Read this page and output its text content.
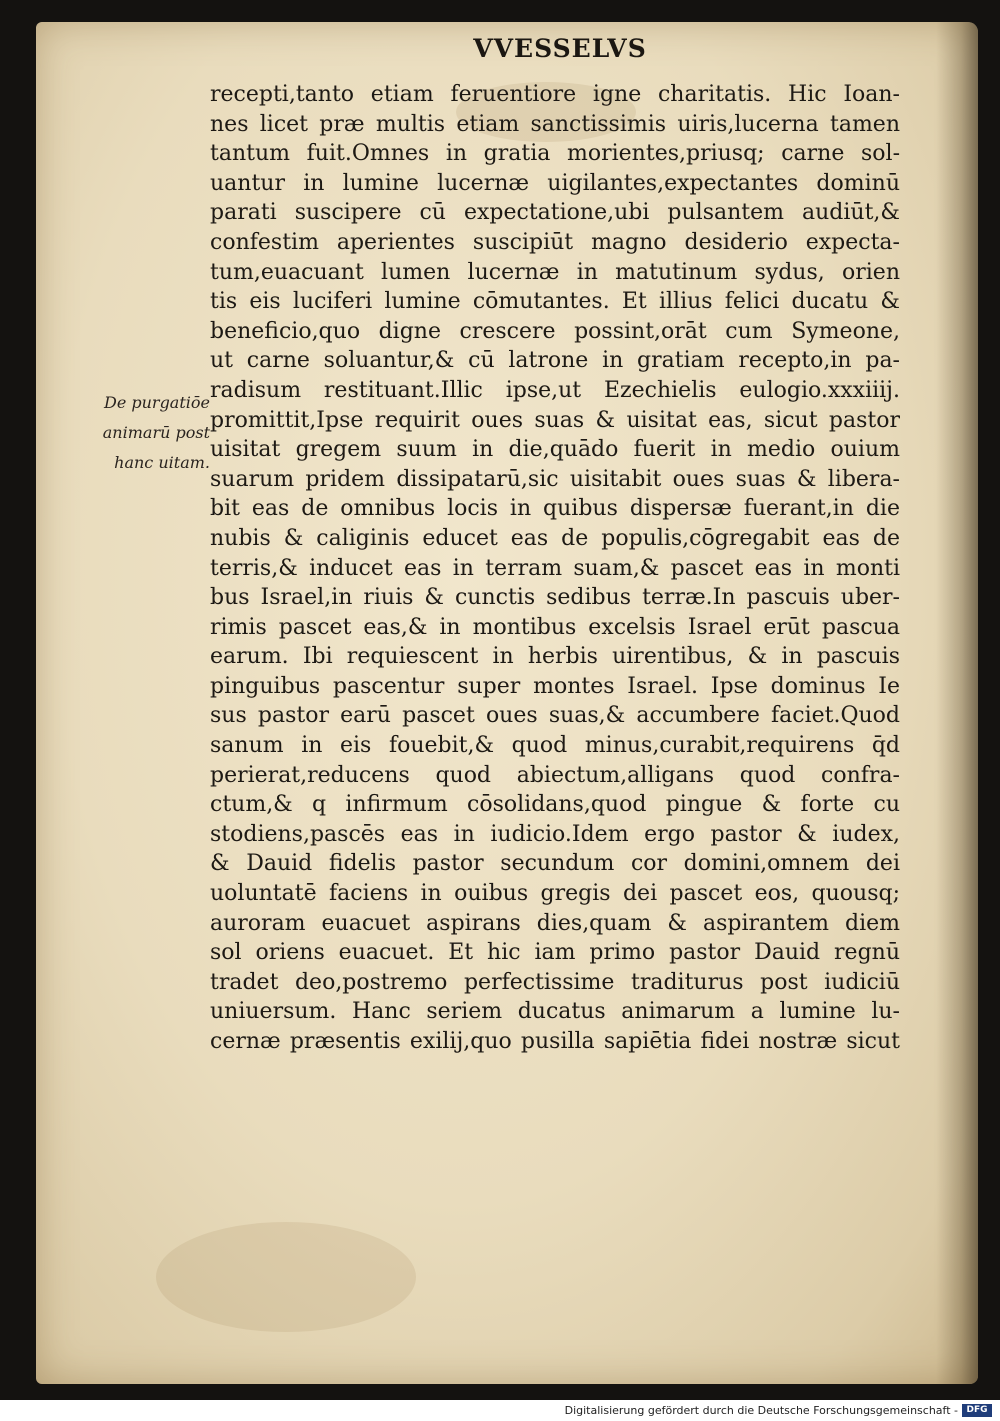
VVESSELVS
De purgatiōe
animarū post
hanc uitam.
recepti,tanto etiam feruentiore igne charitatis. Hic Ioan-
nes licet præ multis etiam sanctissimis uiris,lucerna tamen
tantum fuit.Omnes in gratia morientes,priusq; carne sol-
uantur in lumine lucernæ uigilantes,expectantes dominū
parati suscipere cū expectatione,ubi pulsantem audiūt,&
confestim aperientes suscipiūt magno desiderio expecta-
tum,euacuant lumen lucernæ in matutinum sydus, orien
tis eis luciferi lumine cōmutantes. Et illius felici ducatu &
beneficio,quo digne crescere possint,orāt cum Symeone,
ut carne soluantur,& cū latrone in gratiam recepto,in pa-
radisum restituant.Illic ipse,ut Ezechielis eulogio.xxxiiij.
promittit,Ipse requirit oues suas & uisitat eas, sicut pastor
uisitat gregem suum in die,quādo fuerit in medio ouium
suarum pridem dissipatarū,sic uisitabit oues suas & libera-
bit eas de omnibus locis in quibus dispersæ fuerant,in die
nubis & caliginis educet eas de populis,cōgregabit eas de
terris,& inducet eas in terram suam,& pascet eas in monti
bus Israel,in riuis & cunctis sedibus terræ.In pascuis uber-
rimis pascet eas,& in montibus excelsis Israel erūt pascua
earum. Ibi requiescent in herbis uirentibus, & in pascuis
pinguibus pascentur super montes Israel. Ipse dominus Ie
sus pastor earū pascet oues suas,& accumbere faciet.Quod
sanum in eis fouebit,& quod minus,curabit,requirens q̄d
perierat,reducens quod abiectum,alligans quod confra-
ctum,& q infirmum cōsolidans,quod pingue & forte cu
stodiens,pascēs eas in iudicio.Idem ergo pastor & iudex,
& Dauid fidelis pastor secundum cor domini,omnem dei
uoluntatē faciens in ouibus gregis dei pascet eos, quousq;
auroram euacuet aspirans dies,quam & aspirantem diem
sol oriens euacuet. Et hic iam primo pastor Dauid regnū
tradet deo,postremo perfectissime traditurus post iudiciū
uniuersum. Hanc seriem ducatus animarum a lumine lu-
cernæ præsentis exilij,quo pusilla sapiētia fidei nostræ sicut
Digitalisierung gefördert durch die Deutsche Forschungsgemeinschaft - DFG
